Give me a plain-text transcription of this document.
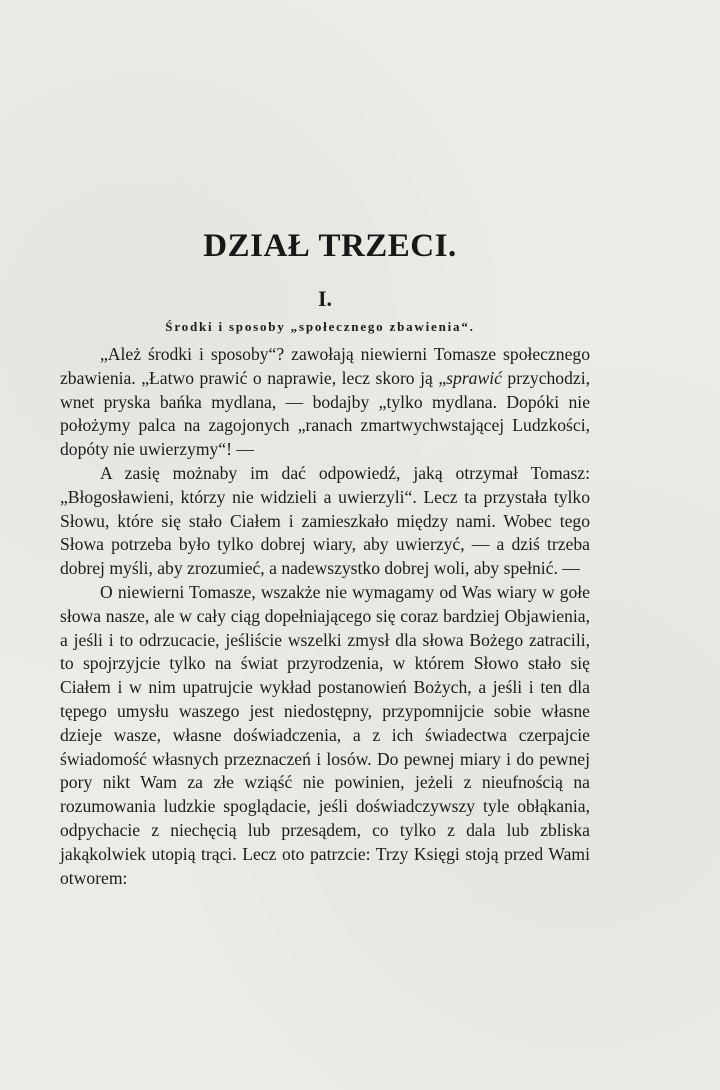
DZIAŁ TRZECI.
I.
Środki i sposoby „społecznego zbawienia“.

„Ależ środki i sposoby“? zawołają niewierni Tomasze społecznego zbawienia. „Łatwo prawić o naprawie, lecz skoro ją „sprawić przychodzi, wnet pryska bańka mydlana, — bodajby „tylko mydlana. Dopóki nie położymy palca na zagojonych „ranach zmartwychwstającej Ludzkości, dopóty nie uwierzymy“! —

A zasię możnaby im dać odpowiedź, jaką otrzymał Tomasz: „Błogosławieni, którzy nie widzieli a uwierzyli“. Lecz ta przystała tylko Słowu, które się stało Ciałem i zamieszkało między nami. Wobec tego Słowa potrzeba było tylko dobrej wiary, aby uwierzyć, — a dziś trzeba dobrej myśli, aby zrozumieć, a nadewszystko dobrej woli, aby spełnić. —

O niewierni Tomasze, wszakże nie wymagamy od Was wiary w gołe słowa nasze, ale w cały ciąg dopełniającego się coraz bardziej Objawienia, a jeśli i to odrzucacie, jeśliście wszelki zmysł dla słowa Bożego zatracili, to spojrzyjcie tylko na świat przyrodzenia, w którem Słowo stało się Ciałem i w nim upatrujcie wykład postanowień Bożych, a jeśli i ten dla tępego umysłu waszego jest niedostępny, przypomnijcie sobie własne dzieje wasze, własne doświadczenia, a z ich świadectwa czerpajcie świadomość własnych przeznaczeń i losów. Do pewnej miary i do pewnej pory nikt Wam za złe wziąść nie powinien, jeżeli z nieufnością na rozumowania ludzkie spoglądacie, jeśli doświadczywszy tyle obłąkania, odpychacie z niechęcią lub przesądem, co tylko z dala lub zbliska jakąkolwiek utopią trąci. Lecz oto patrzcie: Trzy Księgi stoją przed Wami otworem:
